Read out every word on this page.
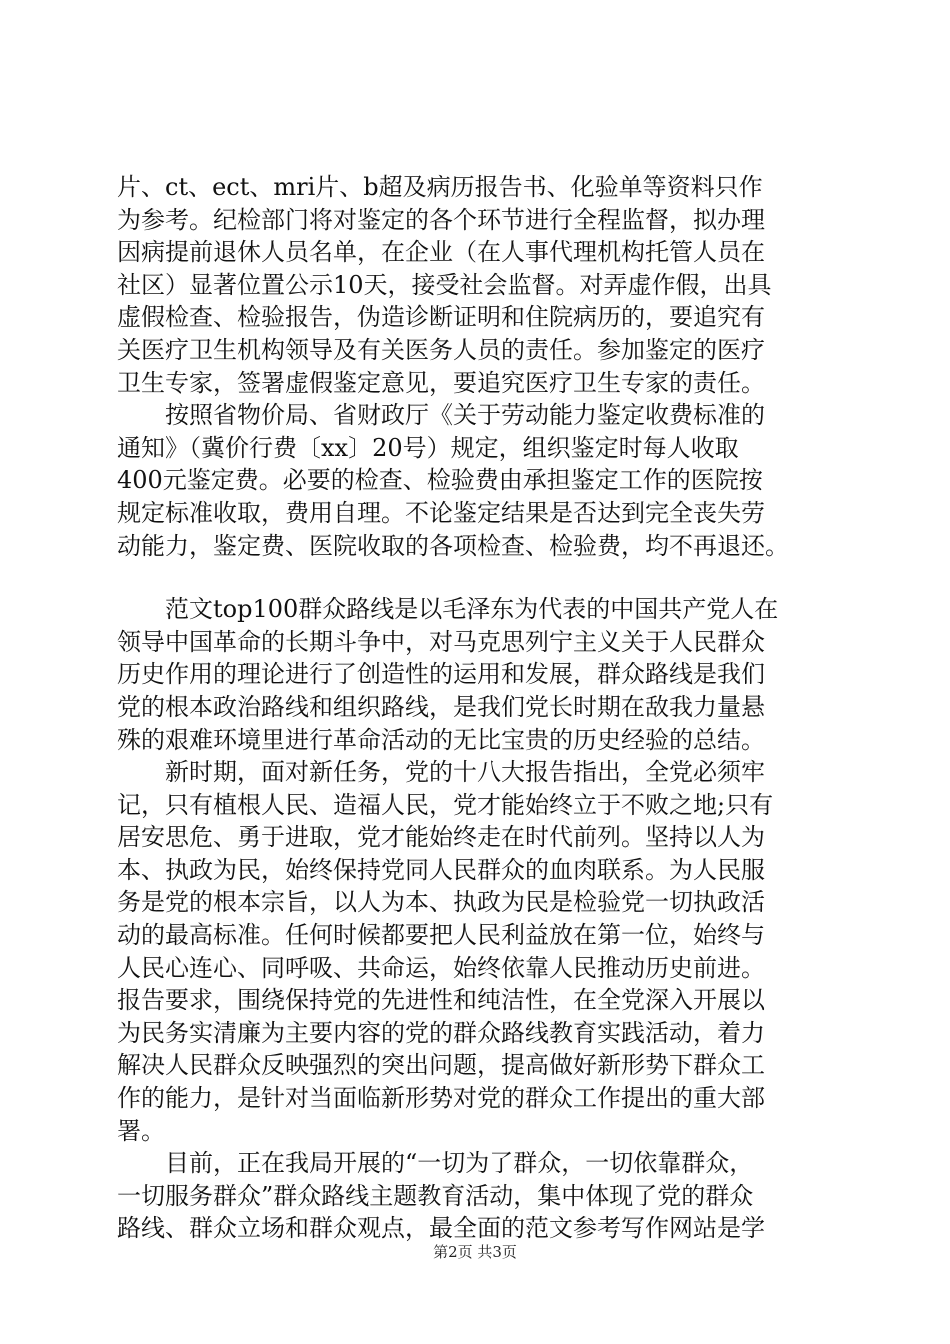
片、ct、ect、mri片、b超及病历报告书、化验单等资料只作
为参考。纪检部门将对鉴定的各个环节进行全程监督，拟办理
因病提前退休人员名单，在企业（在人事代理机构托管人员在
社区）显著位置公示10天，接受社会监督。对弄虚作假，出具
虚假检查、检验报告，伪造诊断证明和住院病历的，要追究有
关医疗卫生机构领导及有关医务人员的责任。参加鉴定的医疗
卫生专家，签署虚假鉴定意见，要追究医疗卫生专家的责任。
　　按照省物价局、省财政厅《关于劳动能力鉴定收费标准的
通知》（冀价行费〔xx〕20号）规定，组织鉴定时每人收取
400元鉴定费。必要的检查、检验费由承担鉴定工作的医院按
规定标准收取，费用自理。不论鉴定结果是否达到完全丧失劳
动能力，鉴定费、医院收取的各项检查、检验费，均不再退还。
　　范文top100群众路线是以毛泽东为代表的中国共产党人在
领导中国革命的长期斗争中，对马克思列宁主义关于人民群众
历史作用的理论进行了创造性的运用和发展，群众路线是我们
党的根本政治路线和组织路线，是我们党长时期在敌我力量悬
殊的艰难环境里进行革命活动的无比宝贵的历史经验的总结。
　　新时期，面对新任务，党的十八大报告指出，全党必须牢
记，只有植根人民、造福人民，党才能始终立于不败之地;只有
居安思危、勇于进取，党才能始终走在时代前列。坚持以人为
本、执政为民，始终保持党同人民群众的血肉联系。为人民服
务是党的根本宗旨，以人为本、执政为民是检验党一切执政活
动的最高标准。任何时候都要把人民利益放在第一位，始终与
人民心连心、同呼吸、共命运，始终依靠人民推动历史前进。
报告要求，围绕保持党的先进性和纯洁性，在全党深入开展以
为民务实清廉为主要内容的党的群众路线教育实践活动，着力
解决人民群众反映强烈的突出问题，提高做好新形势下群众工
作的能力，是针对当面临新形势对党的群众工作提出的重大部
署。
　　目前，正在我局开展的“一切为了群众，一切依靠群众，
一切服务群众”群众路线主题教育活动，集中体现了党的群众
路线、群众立场和群众观点，最全面的范文参考写作网站是学
第2页 共3页
